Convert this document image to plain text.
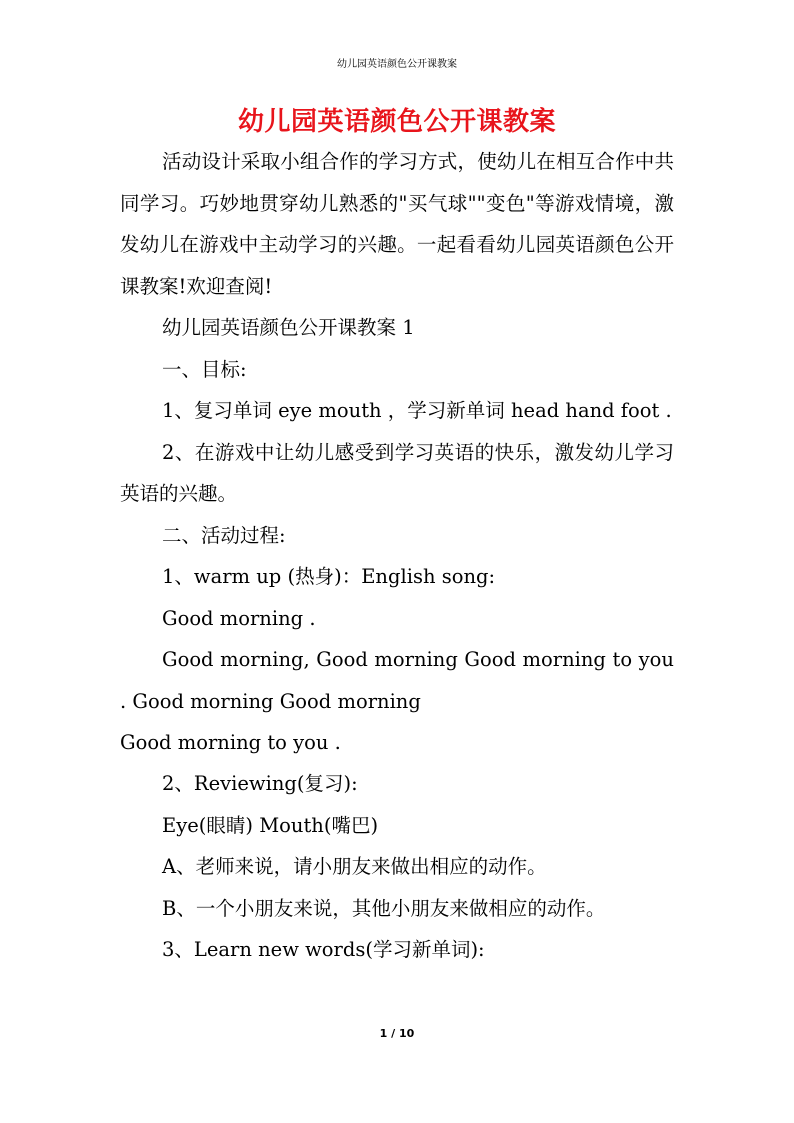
幼儿园英语颜色公开课教案
幼儿园英语颜色公开课教案

活动设计采取小组合作的学习方式，使幼儿在相互合作中共同学习。巧妙地贯穿幼儿熟悉的"买气球""变色"等游戏情境，激发幼儿在游戏中主动学习的兴趣。一起看看幼儿园英语颜色公开课教案!欢迎查阅!

幼儿园英语颜色公开课教案 1

一、目标:

1、复习单词 eye mouth ，学习新单词 head hand foot .

2、在游戏中让幼儿感受到学习英语的快乐，激发幼儿学习英语的兴趣。

二、活动过程:

1、warm up (热身)：English song:

Good morning .

Good morning, Good morning Good morning to you . Good morning Good morning

Good morning to you .

2、Reviewing(复习):

Eye(眼睛) Mouth(嘴巴)

A、老师来说，请小朋友来做出相应的动作。

B、一个小朋友来说，其他小朋友来做相应的动作。

3、Learn new words(学习新单词):

1 / 10
